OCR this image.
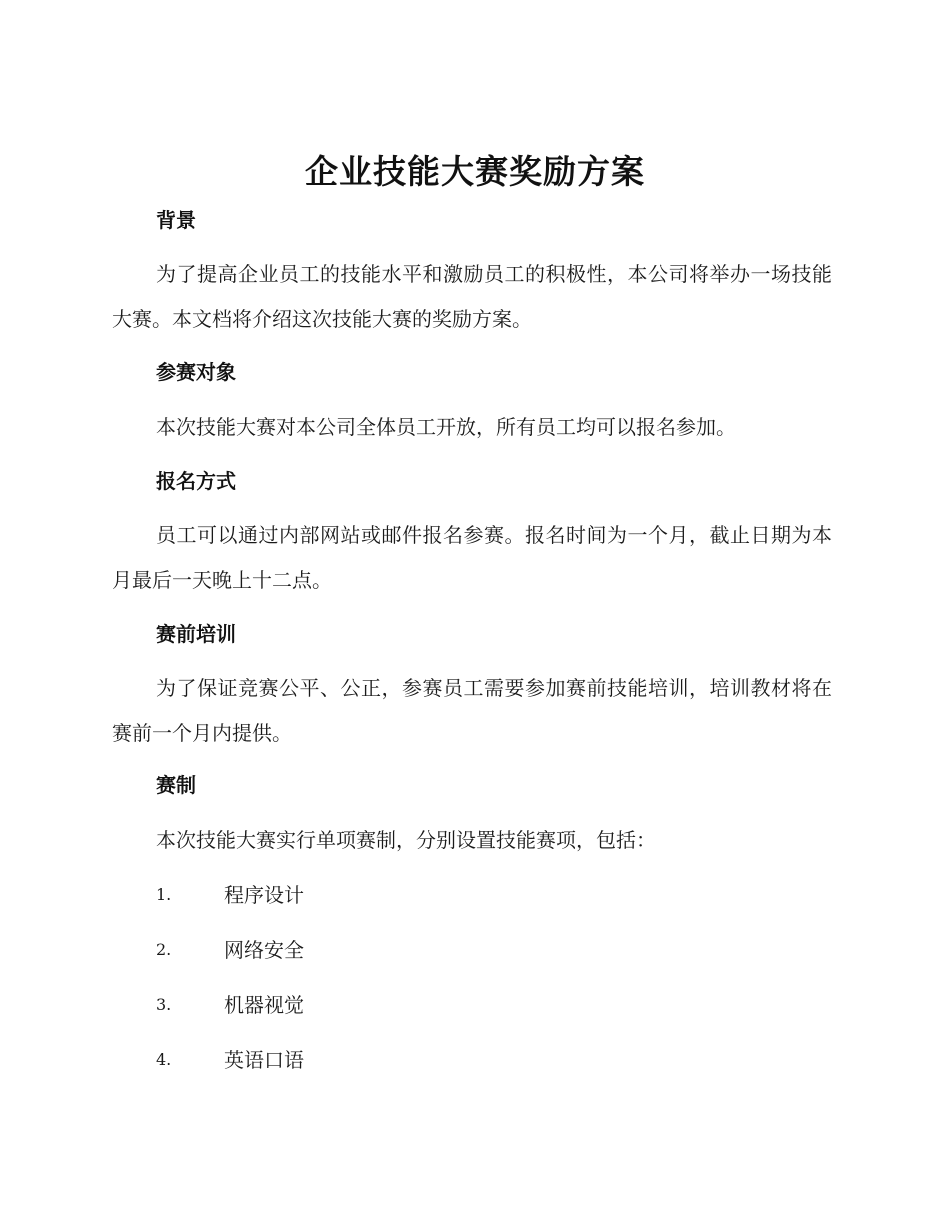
企业技能大赛奖励方案
背景
为了提高企业员工的技能水平和激励员工的积极性，本公司将举办一场技能大赛。本文档将介绍这次技能大赛的奖励方案。
参赛对象
本次技能大赛对本公司全体员工开放，所有员工均可以报名参加。
报名方式
员工可以通过内部网站或邮件报名参赛。报名时间为一个月，截止日期为本月最后一天晚上十二点。
赛前培训
为了保证竞赛公平、公正，参赛员工需要参加赛前技能培训，培训教材将在赛前一个月内提供。
赛制
本次技能大赛实行单项赛制，分别设置技能赛项，包括：
1.	程序设计
2.	网络安全
3.	机器视觉
4.	英语口语
